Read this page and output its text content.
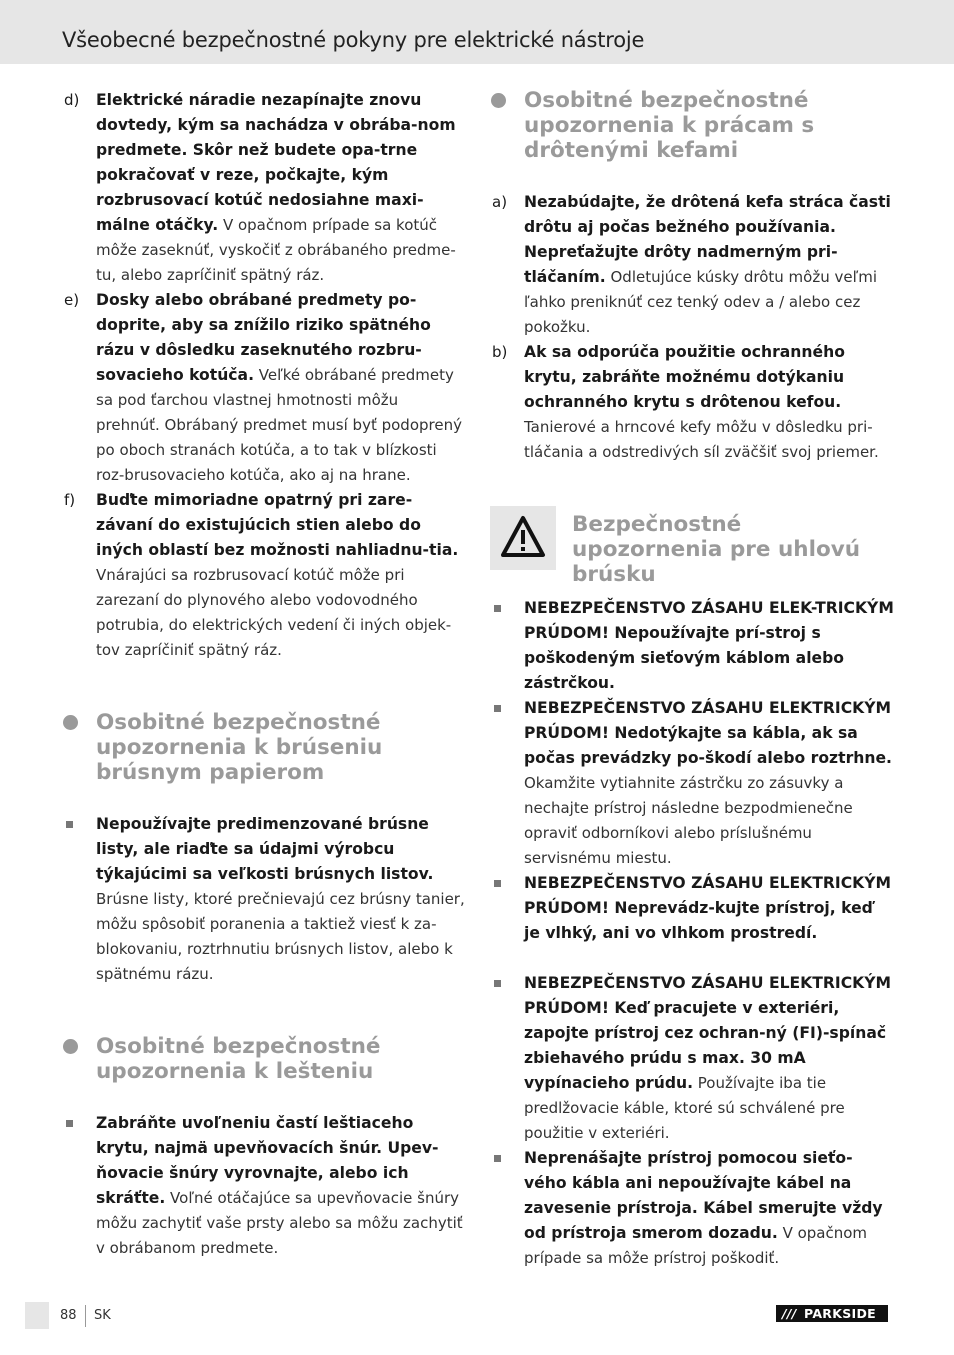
Všeobecné bezpečnostné pokyny pre elektrické nástroje
d) Elektrické náradie nezapínajte znovu dovtedy, kým sa nachádza v obrába-nom predmete. Skôr než budete opa-trne pokračovať v reze, počkajte, kým rozbrusovací kotúč nedosiahne maxi-málne otáčky. V opačnom prípade sa kotúč môže zaseknúť, vyskočiť z obrábaného predme-tu, alebo zapríčiniť spätný ráz.
e) Dosky alebo obrábané predmety po-doprite, aby sa znížilo riziko spätného rázu v dôsledku zaseknutého rozbru-sovacieho kotúča. Veľké obrábané predmety sa pod ťarchou vlastnej hmotnosti môžu prehnúť. Obrábaný predmet musí byť podoprený po oboch stranách kotúča, a to tak v blízkosti roz-brusovacieho kotúča, ako aj na hrane.
f) Buďte mimoriadne opatrný pri zare-závaní do existujúcich stien alebo do iných oblastí bez možnosti nahliadnu-tia. Vnárajúci sa rozbrusovací kotúč môže pri zarezaní do plynového alebo vodovodného potrubia, do elektrických vedení či iných objek-tov zapríčiniť spätný ráz.
Osobitné bezpečnostné upozornenia k brúseniu brúsnym papierom
Nepoužívajte predimenzované brúsne listy, ale riaďte sa údajmi výrobcu týkajúcimi sa veľkosti brúsnych listov. Brúsne listy, ktoré prečnievajú cez brúsny tanier, môžu spôsobiť poranenia a taktiež viesť k za-blokovaniu, roztrhnutiu brúsnych listov, alebo k spätnému rázu.
Osobitné bezpečnostné upozornenia k lešteniu
Zabráňte uvoľneniu častí leštiaceho krytu, najmä upevňovacích šnúr. Upev-ňovacie šnúry vyrovnajte, alebo ich skráťte. Voľné otáčajúce sa upevňovacie šnúry môžu zachytiť vaše prsty alebo sa môžu zachytiť v obrábanom predmete.
Osobitné bezpečnostné upozornenia k prácam s drôtenými kefami
a) Nezabúdajte, že drôtená kefa stráca časti drôtu aj počas bežného používania. Nepreťažujte drôty nadmerným pri-tláčaním. Odletujúce kúsky drôtu môžu veľmi ľahko preniknúť cez tenký odev a / alebo cez pokožku.
b) Ak sa odporúča použitie ochranného krytu, zabráňte možnému dotýkaniu ochranného krytu s drôtenou kefou. Tanierové a hrncové kefy môžu v dôsledku pri-tláčania a odstredivých síl zväčšiť svoj priemer.
Bezpečnostné upozornenia pre uhlovú brúsku
NEBEZPEČENSTVO ZÁSAHU ELEK-TRICKÝM PRÚDOM! Nepoužívajte prí-stroj s poškodeným sieťovým káblom alebo zástrčkou.
NEBEZPEČENSTVO ZÁSAHU ELEKTRICKÝM PRÚDOM! Nedotýkajte sa kábla, ak sa počas prevádzky po-škodí alebo roztrhne. Okamžite vytiahnite zástrčku zo zásuvky a nechajte prístroj následne bezpodmienečne opraviť odborníkovi alebo príslušnému servisnému miestu.
NEBEZPEČENSTVO ZÁSAHU ELEKTRICKÝM PRÚDOM! Neprevádz-kujte prístroj, keď je vlhký, ani vo vlhkom prostredí.
NEBEZPEČENSTVO ZÁSAHU ELEKTRICKÝM PRÚDOM! Keď pracujete v exteriéri, zapojte prístroj cez ochran-ný (FI)-spínač zbiehavého prúdu s max. 30 mA vypínacieho prúdu. Používajte iba tie predlžovacie káble, ktoré sú schválené pre použitie v exteriéri.
Neprenášajte prístroj pomocou sieťo-vého kábla ani nepoužívajte kábel na zavesenie prístroja. Kábel smerujte vždy od prístroja smerom dozadu. V opačnom prípade sa môže prístroj poškodiť.
88 SK	/// PARKSIDE
